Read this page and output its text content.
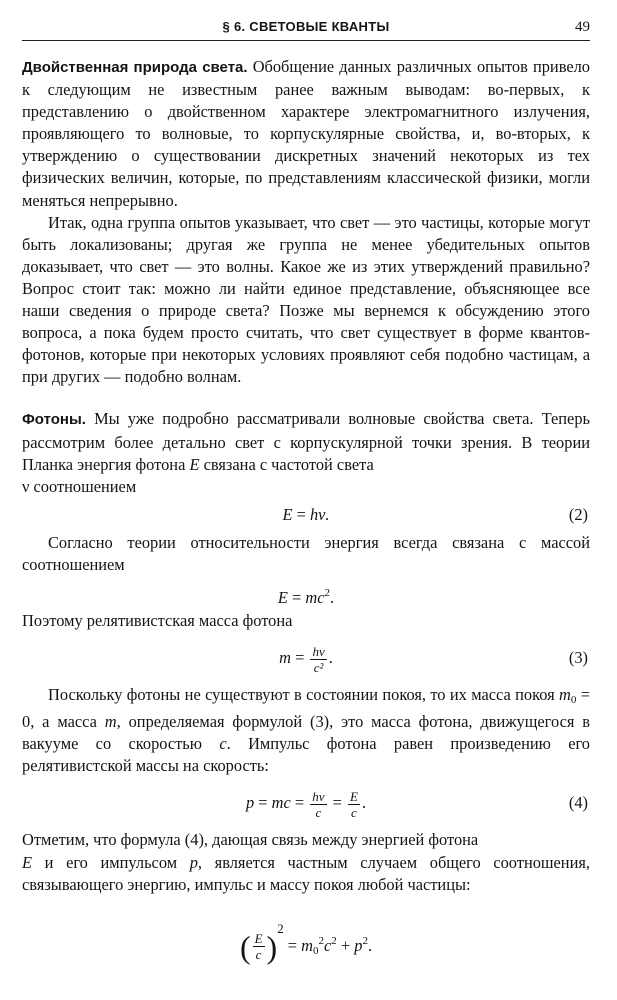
§ 6. СВЕТОВЫЕ КВАНТЫ	49

Двойственная природа света. Обобщение данных различных опытов привело к следующим не известным ранее важным выводам: во-первых, к представлению о двойственном характере электромагнитного излучения, проявляющего то волновые, то корпускулярные свойства, и, во-вторых, к утверждению о существовании дискретных значений некоторых из тех физических величин, которые, по представлениям классической физики, могли меняться непрерывно.

Итак, одна группа опытов указывает, что свет — это частицы, которые могут быть локализованы; другая же группа не менее убедительных опытов доказывает, что свет — это волны. Какое же из этих утверждений правильно? Вопрос стоит так: можно ли найти единое представление, объясняющее все наши сведения о природе света? Позже мы вернемся к обсуждению этого вопроса, а пока будем просто считать, что свет существует в форме квантов-фотонов, которые при некоторых условиях проявляют себя подобно частицам, а при других — подобно волнам.

Фотоны. Мы уже подробно рассматривали волновые свойства света. Теперь рассмотрим более детально свет с корпускулярной точки зрения. В теории Планка энергия фотона E связана с частотой света
ν соотношением

E = hν.	(2)

Согласно теории относительности энергия всегда связана с массой соотношением

$E = mc^2$.

Поэтому релятивистская масса фотона

$m = \frac{h\nu}{\text{c²}}$ .	(3)

Поскольку фотоны не существуют в состоянии покоя, то их масса покоя $m_0 = 0$, а масса m, определяемая формулой (3), это масса фотона, движущегося в вакууме со скоростью c. Импульс фотона равен произведению его релятивистской массы на скорость:

p = mc = $\frac{h\nu}{c} = \frac{E}{c}$ .	(4)

Отметим, что формула (4), дающая связь между энергией фотона
E и его импульсом p, является частным случаем общего соотношения, связывающего энергию, импульс и массу покоя любой частицы:

( $\frac{E}{c} )^2 = m_0^2c^2 + p^2$.
